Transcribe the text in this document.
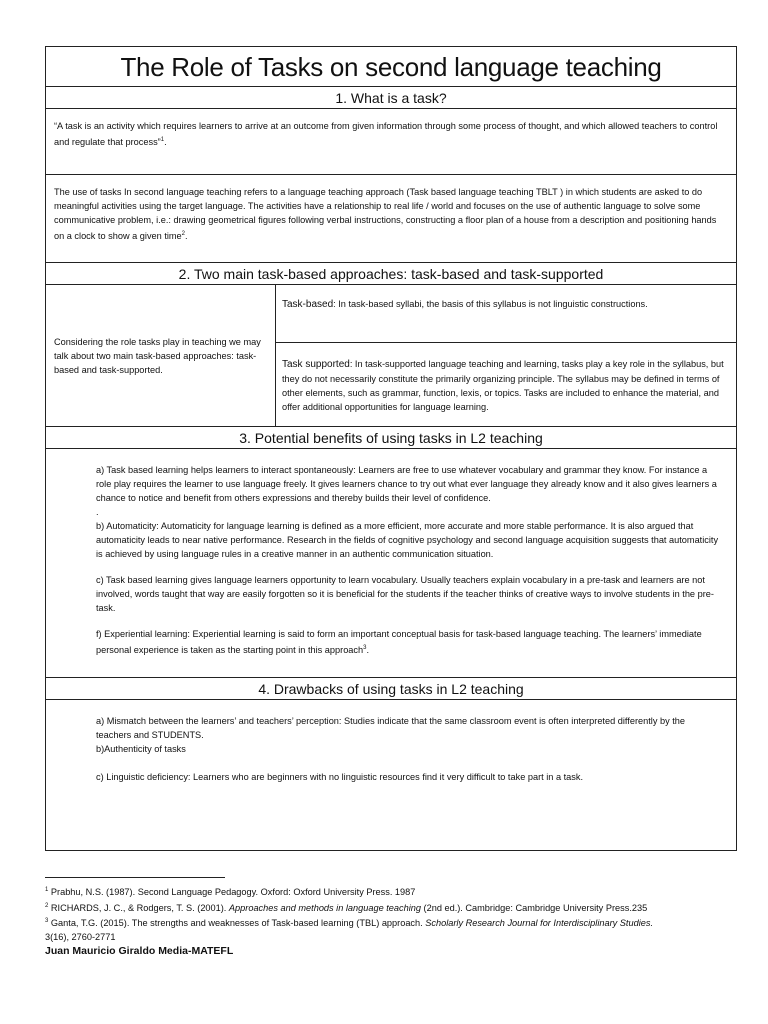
The Role of Tasks on second language teaching
1. What is a task?
“A task is an activity which requires learners to arrive at an outcome from given information through some process of thought, and which allowed teachers to control and regulate that process”$^1$.
The use of tasks In second language teaching refers to a language teaching approach (Task based language teaching TBLT ) in which students are asked to do meaningful activities using the target language. The activities have a relationship to real life / world and focuses on the use of authentic language to solve some communicative problem, i.e.: drawing geometrical figures following verbal instructions, constructing a floor plan of a house from a description and positioning hands on a clock to show a given time$^2$.
2. Two main task-based approaches: task-based and task-supported
Considering the role tasks play in teaching we may talk about two main task-based approaches: task-based and task-supported.
Task-based: In task-based syllabi, the basis of this syllabus is not linguistic constructions.
Task supported: In task-supported language teaching and learning, tasks play a key role in the syllabus, but they do not necessarily constitute the primarily organizing principle. The syllabus may be defined in terms of other elements, such as grammar, function, lexis, or topics. Tasks are included to enhance the material, and offer additional opportunities for language learning.
3. Potential benefits of using tasks in L2 teaching

a) Task based learning helps learners to interact spontaneously: Learners are free to use whatever vocabulary and grammar they know. For instance a role play requires the learner to use language freely. It gives learners chance to try out what ever language they already know and it also gives learners a chance to notice and benefit from others expressions and thereby builds their level of confidence.

.

b) Automaticity: Automaticity for language learning is defined as a more efficient, more accurate and more stable performance. It is also argued that automaticity leads to near native performance. Research in the fields of cognitive psychology and second language acquisition suggests that automaticity is achieved by using language rules in a creative manner in an authentic communication situation.

c) Task based learning gives language learners opportunity to learn vocabulary. Usually teachers explain vocabulary in a pre-task and learners are not involved, words taught that way are easily forgotten so it is beneficial for the students if the teacher thinks of creative ways to involve students in the pre-task.

f) Experiential learning: Experiential learning is said to form an important conceptual basis for task-based language teaching. The learners’ immediate personal experience is taken as the starting point in this approach$^3$.

4. Drawbacks of using tasks in L2 teaching

a) Mismatch between the learners’ and teachers’ perception: Studies indicate that the same classroom event is often interpreted differently by the teachers and STUDENTS.

b)Authenticity of tasks

c) Linguistic deficiency: Learners who are beginners with no linguistic resources find it very difficult to take part in a task.

$^1$ Prabhu, N.S. (1987). Second Language Pedagogy. Oxford: Oxford University Press. 1987

$^2$ RICHARDS, J. C., & Rodgers, T. S. (2001). Approaches and methods in language teaching (2nd ed.). Cambridge: Cambridge University Press.235

$^3$ Ganta, T.G. (2015). The strengths and weaknesses of Task-based learning (TBL) approach. Scholarly Research Journal for Interdisciplinary Studies.

3(16), 2760-2771

Juan Mauricio Giraldo Media-MATEFL
